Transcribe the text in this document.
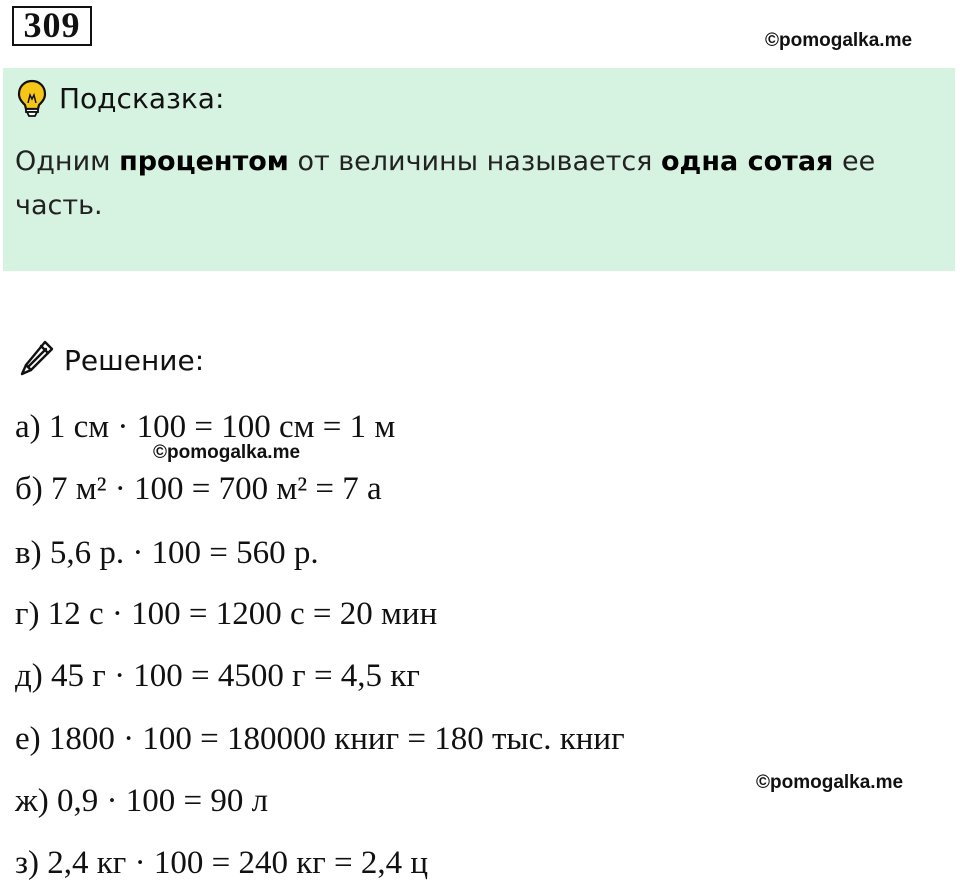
309	©pomogalka.me
Подсказка:
Одним процентом от величины называется одна сотая ее часть.
Решение:
а) 1 см · 100 = 100 см = 1 м
©pomogalka.me
б) 7 м² · 100 = 700 м² = 7 а
в) 5,6 р. · 100 = 560 р.
г) 12 с · 100 = 1200 с = 20 мин
д) 45 г · 100 = 4500 г = 4,5 кг
е) 1800 · 100 = 180000 книг = 180 тыс. книг
©pomogalka.me
ж) 0,9 · 100 = 90 л
з) 2,4 кг · 100 = 240 кг = 2,4 ц
